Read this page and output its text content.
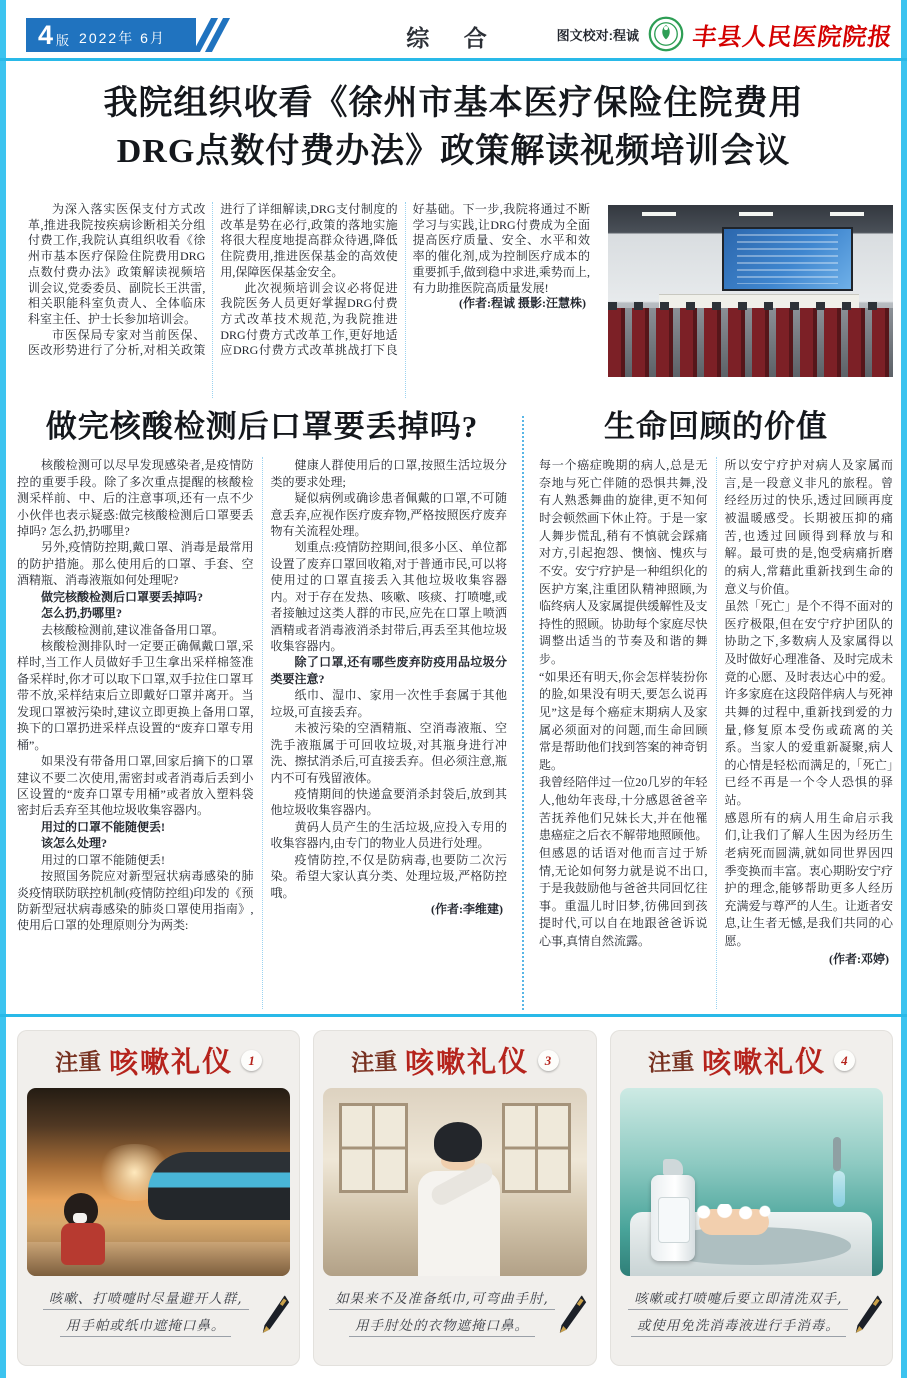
4 版 2022年 6月	综 合	图文校对:程诚 丰县人民医院院报
我院组织收看《徐州市基本医疗保险住院费用
DRG点数付费办法》政策解读视频培训会议

为深入落实医保支付方式改革,推进我院按疾病诊断相关分组付费工作,我院认真组织收看《徐州市基本医疗保险住院费用DRG点数付费办法》政策解读视频培训会议,党委委员、副院长王洪雷,相关职能科室负责人、全体临床科室主任、护士长参加培训会。

市医保局专家对当前医保、医改形势进行了分析,对相关政策进行了详细解读,DRG支付制度的改革是势在必行,政策的落地实施将很大程度地提高群众待遇,降低住院费用,推进医保基金的高效使用,保障医保基金安全。

此次视频培训会议必将促进我院医务人员更好掌握DRG付费方式改革技术规范,为我院推进DRG付费方式改革工作,更好地适应DRG付费方式改革挑战打下良好基础。下一步,我院将通过不断学习与实践,让DRG付费成为全面提高医疗质量、安全、水平和效率的催化剂,成为控制医疗成本的重要抓手,做到稳中求进,乘势而上,有力助推医院高质量发展!

(作者:程诚 摄影:汪慧株)

做完核酸检测后口罩要丢掉吗?

核酸检测可以尽早发现感染者,是疫情防控的重要手段。除了多次重点提醒的核酸检测采样前、中、后的注意事项,还有一点不少小伙伴也表示疑惑:做完核酸检测后口罩要丢掉吗? 怎么扔,扔哪里?

另外,疫情防控期,戴口罩、消毒是最常用的防护措施。那么使用后的口罩、手套、空酒精瓶、消毒液瓶如何处理呢?

做完核酸检测后口罩要丢掉吗?

怎么扔,扔哪里?

去核酸检测前,建议准备备用口罩。

核酸检测排队时一定要正确佩戴口罩,采样时,当工作人员做好手卫生拿出采样棉签准备采样时,你才可以取下口罩,双手拉住口罩耳带不放,采样结束后立即戴好口罩并离开。当发现口罩被污染时,建议立即更换上备用口罩,换下的口罩扔进采样点设置的“废弃口罩专用桶”。

如果没有带备用口罩,回家后摘下的口罩建议不要二次使用,需密封或者消毒后丢到小区设置的“废弃口罩专用桶”或者放入塑料袋密封后丢弃至其他垃圾收集容器内。

用过的口罩不能随便丢!

该怎么处理?

用过的口罩不能随便丢!

按照国务院应对新型冠状病毒感染的肺炎疫情联防联控机制(疫情防控组)印发的《预防新型冠状病毒感染的肺炎口罩使用指南》,使用后口罩的处理原则分为两类:

健康人群使用后的口罩,按照生活垃圾分类的要求处理;

疑似病例或确诊患者佩戴的口罩,不可随意丢弃,应视作医疗废弃物,严格按照医疗废弃物有关流程处理。

划重点:疫情防控期间,很多小区、单位都设置了废弃口罩回收箱,对于普通市民,可以将使用过的口罩直接丢入其他垃圾收集容器内。对于存在发热、咳嗽、咳痰、打喷嚏,或者接触过这类人群的市民,应先在口罩上喷洒酒精或者消毒液消杀封带后,再丢至其他垃圾收集容器内。

除了口罩,还有哪些废弃防疫用品垃圾分类要注意?

纸巾、湿巾、家用一次性手套属于其他垃圾,可直接丢弃。

未被污染的空酒精瓶、空消毒液瓶、空洗手液瓶属于可回收垃圾,对其瓶身进行冲洗、擦拭消杀后,可直接丢弃。但必须注意,瓶内不可有残留液体。

疫情期间的快递盒要消杀封袋后,放到其他垃圾收集容器内。

黄码人员产生的生活垃圾,应投入专用的收集容器内,由专门的物业人员进行处理。

疫情防控,不仅是防病毒,也要防二次污染。希望大家认真分类、处理垃圾,严格防控哦。

(作者:李维建)

生命回顾的价值

每一个癌症晚期的病人,总是无奈地与死亡伴随的恐惧共舞,没有人熟悉舞曲的旋律,更不知何时会顿然画下休止符。于是一家人舞步慌乱,稍有不慎就会踩痛对方,引起抱怨、懊恼、愧疚与不安。安宁疗护是一种组织化的医护方案,注重团队精神照顾,为临终病人及家属提供缓解性及支持性的照顾。协助每个家庭尽快调整出适当的节奏及和谐的舞步。

“如果还有明天,你会怎样装扮你的脸,如果没有明天,要怎么说再见”这是每个癌症末期病人及家属必须面对的问题,而生命回顾常是帮助他们找到答案的神奇钥匙。

我曾经陪伴过一位20几岁的年轻人,他幼年丧母,十分感恩爸爸辛苦抚养他们兄妹长大,并在他罹患癌症之后衣不解带地照顾他。但感恩的话语对他而言过于矫情,无论如何努力就是说不出口,于是我鼓励他与爸爸共同回忆往事。重温儿时旧梦,彷佛回到孩提时代,可以自在地跟爸爸诉说心事,真情自然流露。

所以安宁疗护对病人及家属而言,是一段意义非凡的旅程。曾经经历过的快乐,透过回顾再度被温暖感受。长期被压抑的痛苦,也透过回顾得到释放与和解。最可贵的是,饱受病痛折磨的病人,常藉此重新找到生命的意义与价值。

虽然「死亡」是个不得不面对的医疗极限,但在安宁疗护团队的协助之下,多数病人及家属得以及时做好心理准备、及时完成未竟的心愿、及时表达心中的爱。许多家庭在这段陪伴病人与死神共舞的过程中,重新找到爱的力量,修复原本受伤或疏离的关系。当家人的爱重新凝聚,病人的心情是轻松而满足的,「死亡」已经不再是一个令人恐惧的驿站。

感恩所有的病人用生命启示我们,让我们了解人生因为经历生老病死而圆满,就如同世界因四季变换而丰富。衷心期盼安宁疗护的理念,能够帮助更多人经历充满爱与尊严的人生。让逝者安息,让生者无憾,是我们共同的心愿。

(作者:邓婷)

注重 咳嗽礼仪	1
咳嗽、打喷嚏时尽量避开人群,
用手帕或纸巾遮掩口鼻。
注重 咳嗽礼仪	3
如果来不及准备纸巾,可弯曲手肘,
用手肘处的衣物遮掩口鼻。
注重 咳嗽礼仪	4
咳嗽或打喷嚏后要立即清洗双手,
或使用免洗消毒液进行手消毒。
